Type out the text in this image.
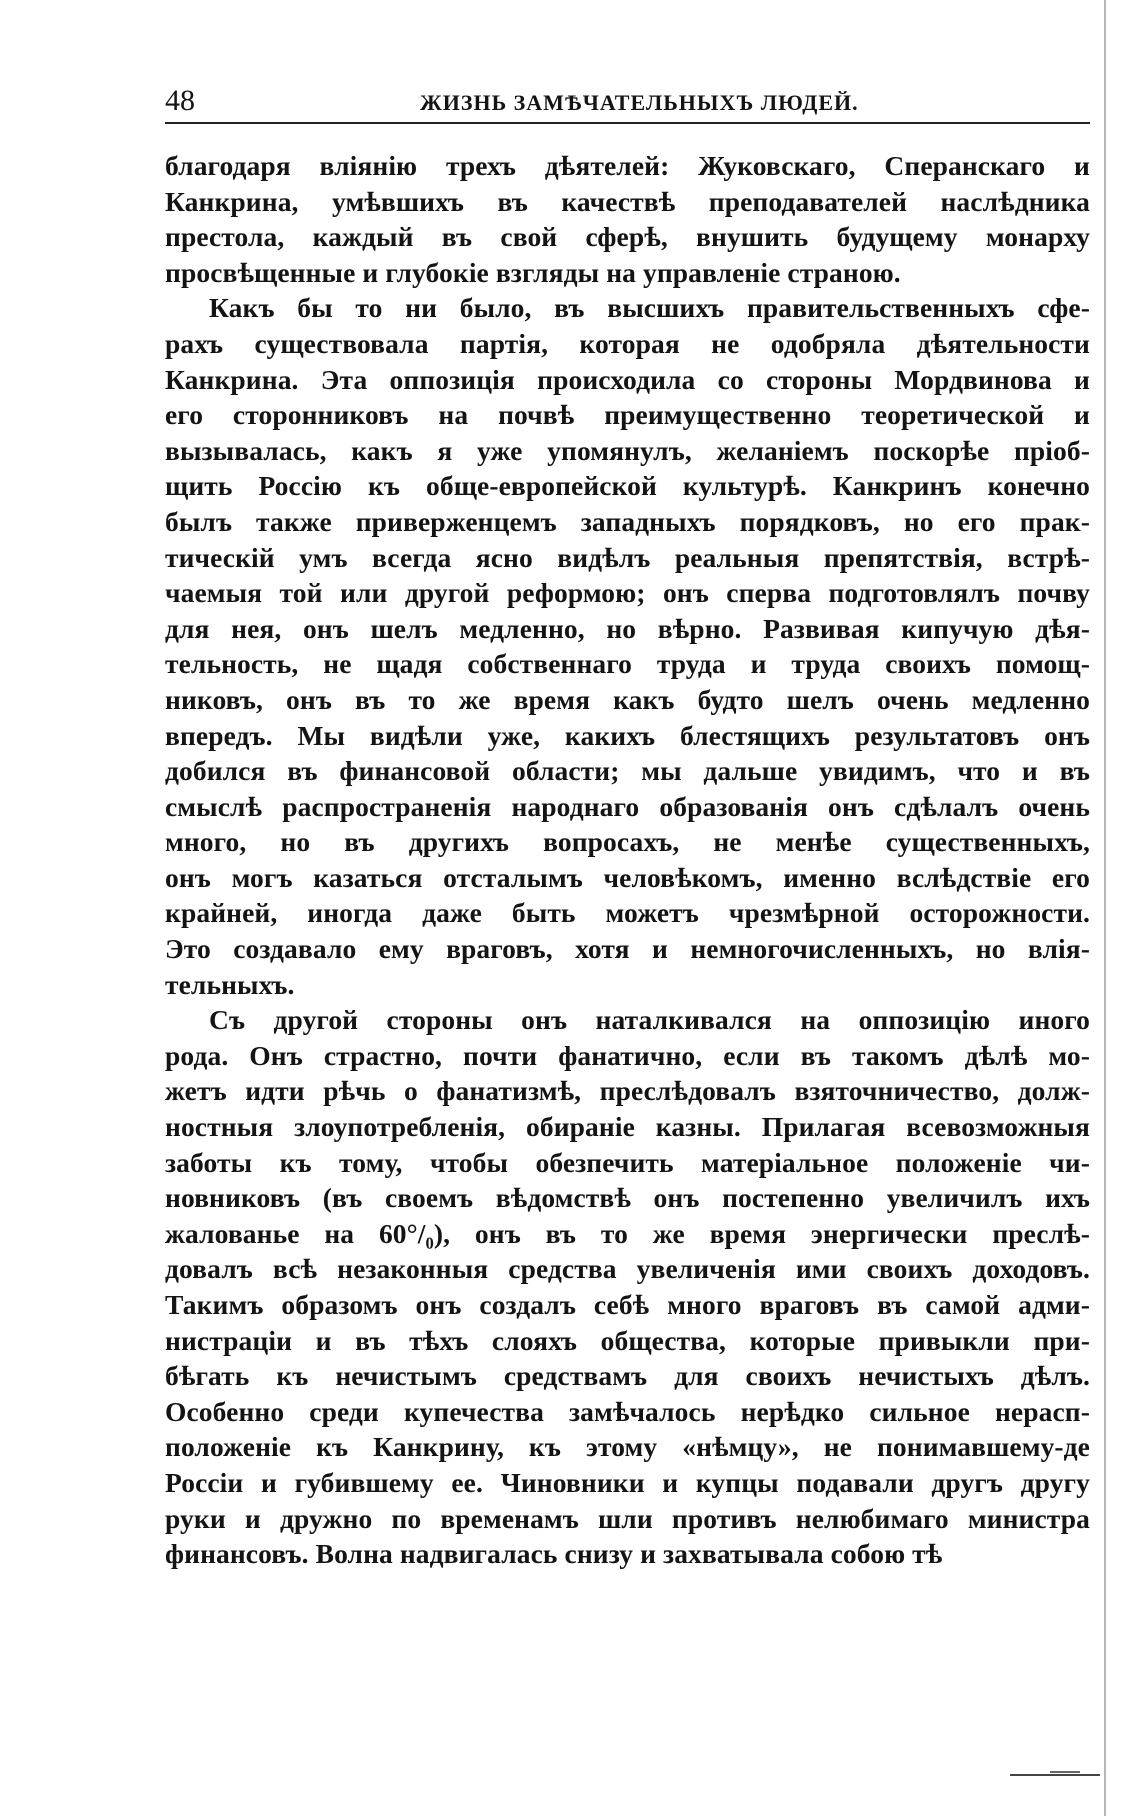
48	ЖИЗНЬ ЗАМѢЧАТЕЛЬНЫХЪ ЛЮДЕЙ.
благодаря вліянію трехъ дѣятелей: Жуковскаго, Сперанскаго и
Канкрина, умѣвшихъ въ качествѣ преподавателей наслѣдника
престола, каждый въ свой сферѣ, внушить будущему монарху
просвѣщенные и глубокіе взгляды на управленіе страною.
Какъ бы то ни было, въ высшихъ правительственныхъ сфе-
рахъ существовала партія, которая не одобряла дѣятельности
Канкрина. Эта оппозиція происходила со стороны Мордвинова и
его сторонниковъ на почвѣ преимущественно теоретической и
вызывалась, какъ я уже упомянулъ, желаніемъ поскорѣе пріоб-
щить Россію къ обще-европейской культурѣ. Канкринъ конечно
былъ также приверженцемъ западныхъ порядковъ, но его прак-
тическій умъ всегда ясно видѣлъ реальныя препятствія, встрѣ-
чаемыя той или другой реформою; онъ сперва подготовлялъ почву
для нея, онъ шелъ медленно, но вѣрно. Развивая кипучую дѣя-
тельность, не щадя собственнаго труда и труда своихъ помощ-
никовъ, онъ въ то же время какъ будто шелъ очень медленно
впередъ. Мы видѣли уже, какихъ блестящихъ результатовъ онъ
добился въ финансовой области; мы дальше увидимъ, что и въ
смыслѣ распространенія народнаго образованія онъ сдѣлалъ очень
много, но въ другихъ вопросахъ, не менѣе существенныхъ,
онъ могъ казаться отсталымъ человѣкомъ, именно вслѣдствіе его
крайней, иногда даже быть можетъ чрезмѣрной осторожности.
Это создавало ему враговъ, хотя и немногочисленныхъ, но влія-
тельныхъ.
Съ другой стороны онъ наталкивался на оппозицію иного
рода. Онъ страстно, почти фанатично, если въ такомъ дѣлѣ мо-
жетъ идти рѣчь о фанатизмѣ, преслѣдовалъ взяточничество, долж-
ностныя злоупотребленія, обираніе казны. Прилагая всевозможныя
заботы къ тому, чтобы обезпечить матеріальное положеніе чи-
новниковъ (въ своемъ вѣдомствѣ онъ постепенно увеличилъ ихъ
жалованье на 60°/₀), онъ въ то же время энергически преслѣ-
довалъ всѣ незаконныя средства увеличенія ими своихъ доходовъ.
Такимъ образомъ онъ создалъ себѣ много враговъ въ самой адми-
нистраціи и въ тѣхъ слояхъ общества, которые привыкли при-
бѣгать къ нечистымъ средствамъ для своихъ нечистыхъ дѣлъ.
Особенно среди купечества замѣчалось нерѣдко сильное нерасп-
положеніе къ Канкрину, къ этому «нѣмцу», не понимавшему-де
Россіи и губившему ее. Чиновники и купцы подавали другъ другу
руки и дружно по временамъ шли противъ нелюбимаго министра
финансовъ. Волна надвигалась снизу и захватывала собою тѣ
